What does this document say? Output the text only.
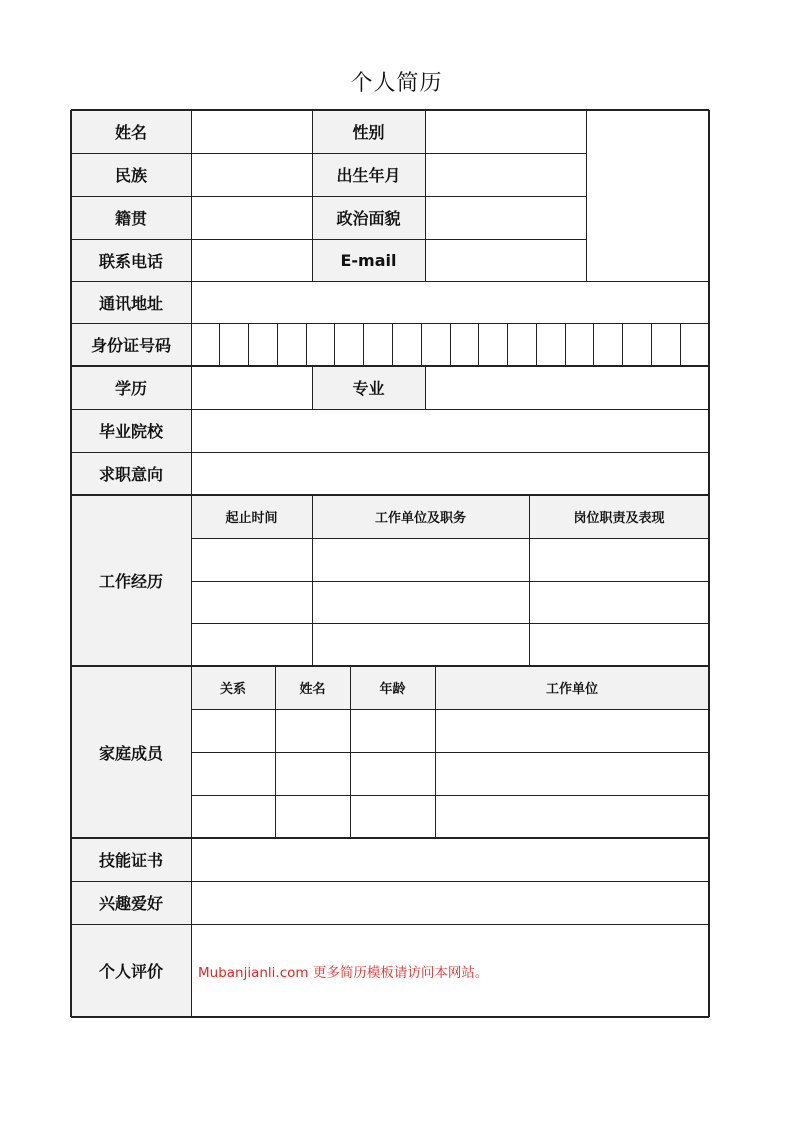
个人简历
姓名	性别
民族	出生年月
籍贯	政治面貌
联系电话	E-mail
通讯地址
身份证号码
学历	专业
毕业院校
求职意向
工作经历
起止时间	工作单位及职务	岗位职责及表现
家庭成员
关系	姓名	年龄	工作单位
技能证书
兴趣爱好
个人评价	Mubanjianli.com 更多简历模板请访问本网站。
